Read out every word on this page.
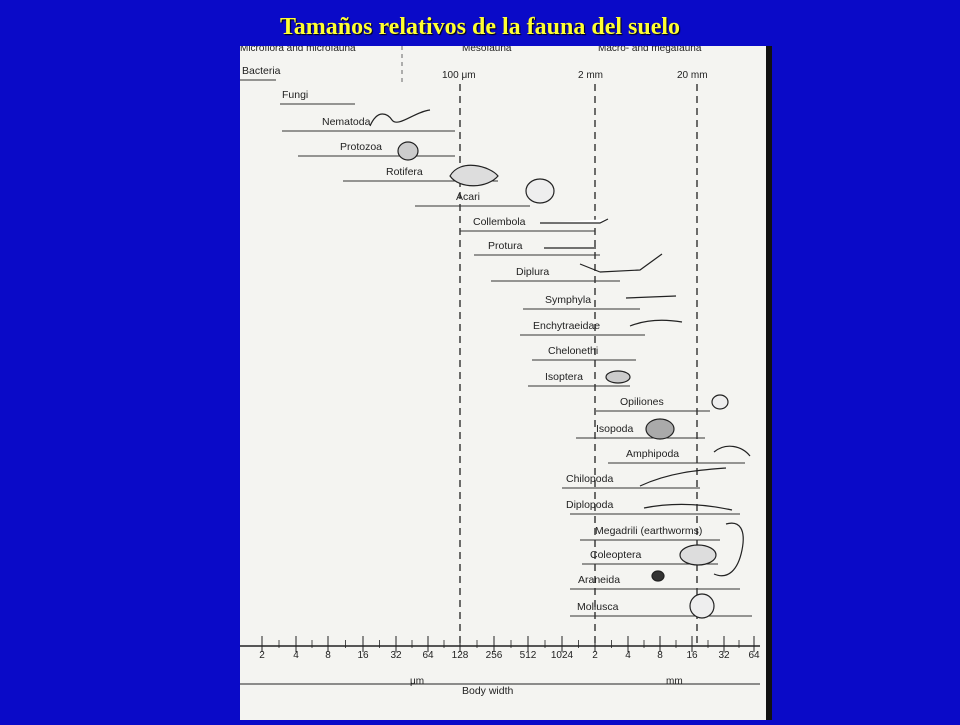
Tamaños relativos de la fauna del suelo
Microflora and microfauna	Mesofauna	Macro- and megafauna
100 μm	2 mm	20 mm
Bacteria
Fungi
Nematoda
Protozoa
Rotifera
Acari
Collembola
Protura
Diplura
Symphyla
Enchytraeidae
Chelonethi
Isoptera
Opiliones
Isopoda
Amphipoda
Chilopoda
Diplopoda
Megadrili (earthworms)
Coleoptera
Araneida
Mollusca
2	4	8	16 32 64 128 256 512 1024 2	4	8 16 32 64
μm	mm
Body width
